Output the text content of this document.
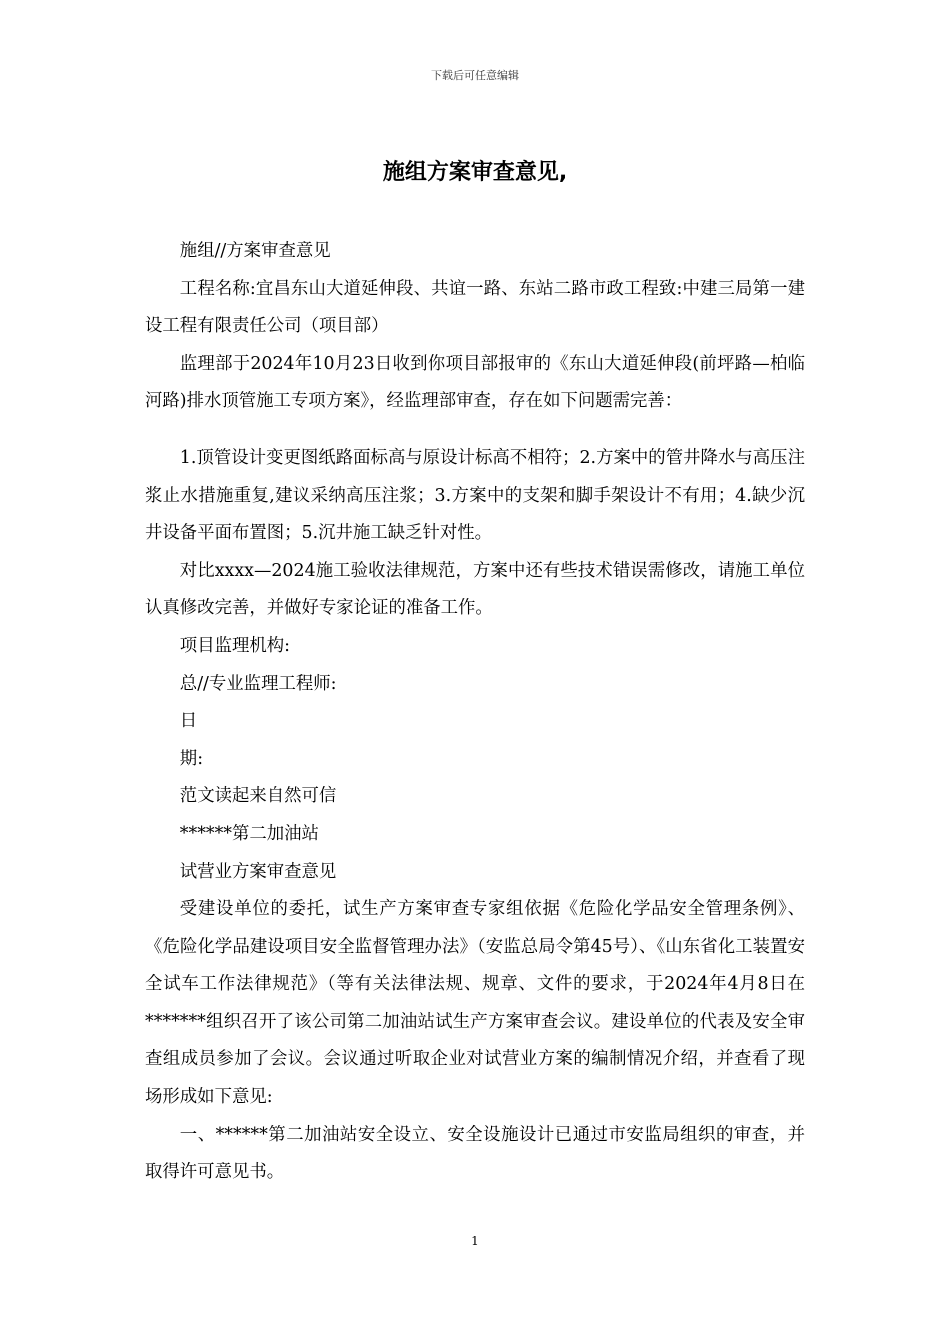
下载后可任意编辑
施组方案审查意见,

施组//方案审查意见

工程名称:宜昌东山大道延伸段、共谊一路、东站二路市政工程致:中建三局第一建设工程有限责任公司（项目部）

监理部于2024年10月23日收到你项目部报审的《东山大道延伸段(前坪路—柏临河路)排水顶管施工专项方案》，经监理部审查，存在如下问题需完善：

1.顶管设计变更图纸路面标高与原设计标高不相符；2.方案中的管井降水与高压注浆止水措施重复,建议采纳高压注浆；3.方案中的支架和脚手架设计不有用；4.缺少沉井设备平面布置图；5.沉井施工缺乏针对性。

对比xxxx—2024施工验收法律规范，方案中还有些技术错误需修改，请施工单位认真修改完善，并做好专家论证的准备工作。

项目监理机构:

总//专业监理工程师:

日

期:

范文读起来自然可信

******第二加油站

试营业方案审查意见

受建设单位的委托，试生产方案审查专家组依据《危险化学品安全管理条例》、《危险化学品建设项目安全监督管理办法》（安监总局令第45号）、《山东省化工装置安全试车工作法律规范》（等有关法律法规、规章、文件的要求，于2024年4月8日在*******组织召开了该公司第二加油站试生产方案审查会议。建设单位的代表及安全审查组成员参加了会议。会议通过听取企业对试营业方案的编制情况介绍，并查看了现场形成如下意见:

一、******第二加油站安全设立、安全设施设计已通过市安监局组织的审查，并取得许可意见书。

1
